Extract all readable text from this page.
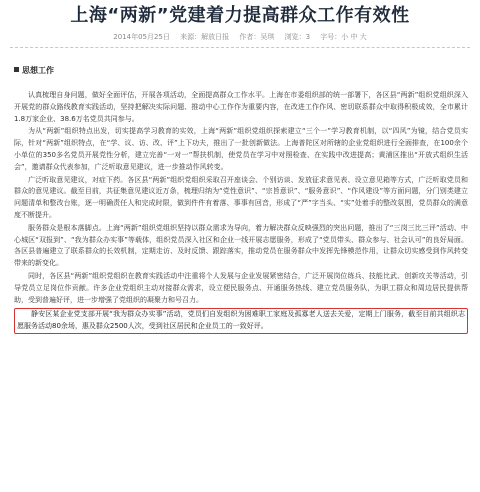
上海“两新”党建着力提高群众工作有效性
2014年05月25日 来源：解放日报 作者：吴琪 浏览：3 字号：小 中 大
思想工作

认真梳理自身问题，做好全面评估，开展各项活动，全面提高群众工作水平。上海在市委组织部的统一部署下，各区县“两新”组织党组织深入开展党的群众路线教育实践活动，坚持把解决实际问题、推动中心工作作为重要内容，在改进工作作风、密切联系群众中取得积极成效，全市累计1.8万家企业、38.6万名党员共同参与。

为从“两新”组织特点出发，切实提高学习教育的实效，上海“两新”组织党组织探索建立“三个一”学习教育机制，以“四风”为镜，结合党员实际，针对“两新”组织特点，在“学、议、访、改、评”上下功夫，推出了一批创新做法。上海普陀区对所辖的企业党组织进行全面排查，在100余个小单位的350多名党员开展党性分析，建立完善“一对一”帮扶机制，使党员在学习中对照检查、在实践中改进提高；黄浦区推出“开放式组织生活会”，邀请群众代表参加，广泛听取意见建议，进一步推动作风转变。

广泛听取意见建议，对症下药。各区县“两新”组织党组织采取召开座谈会、个别访谈、发放征求意见表、设立意见箱等方式，广泛听取党员和群众的意见建议。截至目前，共征集意见建议近万条，梳理归纳为“党性意识”、“宗旨意识”、“服务意识”、“作风建设”等方面问题，分门别类建立问题清单和整改台账，逐一明确责任人和完成时限，做到件件有着落、事事有回音，形成了“严”字当头、“实”处着手的整改氛围，党员群众的满意度不断提升。

服务群众是根本落脚点。上海“两新”组织党组织坚持以群众需求为导向，着力解决群众反映强烈的突出问题，推出了“三岗三比三评”活动、中心城区“双报到”、“我为群众办实事”等载体，组织党员深入社区和企业一线开展志愿服务，形成了“党员带头、群众参与、社会认可”的良好局面。各区县普遍建立了联系群众的长效机制，定期走访、及时反馈、跟踪落实，推动党员在服务群众中发挥先锋模范作用，让群众切实感受到作风转变带来的新变化。

同时，各区县“两新”组织党组织在教育实践活动中注重将个人发展与企业发展紧密结合，广泛开展岗位练兵、技能比武、创新攻关等活动，引导党员立足岗位作贡献。许多企业党组织主动对接群众需求，设立便民服务点、开通服务热线、建立党员服务队，为职工群众和周边居民提供帮助，受到普遍好评，进一步增强了党组织的凝聚力和号召力。

静安区某企业党支部开展“我为群众办实事”活动，党员们自发组织为困难职工家庭及孤寡老人送去关爱，定期上门服务，截至目前共组织志愿服务活动80余场，惠及群众2500人次，受到社区居民和企业员工的一致好评。
